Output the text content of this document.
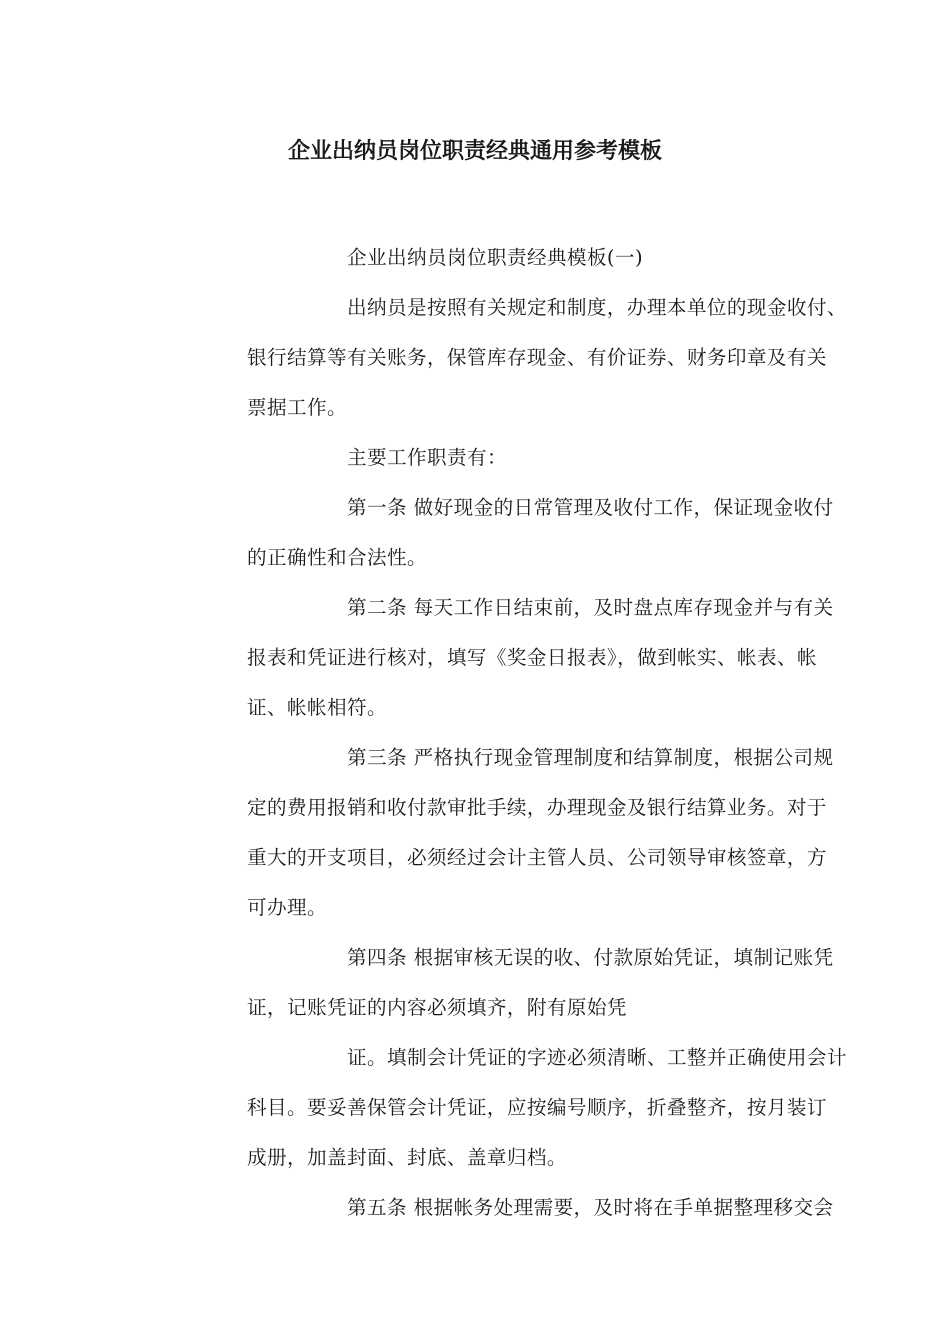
企业出纳员岗位职责经典通用参考模板
企业出纳员岗位职责经典模板(一)
出纳员是按照有关规定和制度，办理本单位的现金收付、
银行结算等有关账务，保管库存现金、有价证券、财务印章及有关
票据工作。
主要工作职责有：
第一条 做好现金的日常管理及收付工作，保证现金收付
的正确性和合法性。
第二条 每天工作日结束前，及时盘点库存现金并与有关
报表和凭证进行核对，填写《奖金日报表》，做到帐实、帐表、帐
证、帐帐相符。
第三条 严格执行现金管理制度和结算制度，根据公司规
定的费用报销和收付款审批手续，办理现金及银行结算业务。对于
重大的开支项目，必须经过会计主管人员、公司领导审核签章，方
可办理。
第四条 根据审核无误的收、付款原始凭证，填制记账凭
证，记账凭证的内容必须填齐，附有原始凭
证。填制会计凭证的字迹必须清晰、工整并正确使用会计
科目。要妥善保管会计凭证，应按编号顺序，折叠整齐，按月装订
成册，加盖封面、封底、盖章归档。
第五条 根据帐务处理需要，及时将在手单据整理移交会
